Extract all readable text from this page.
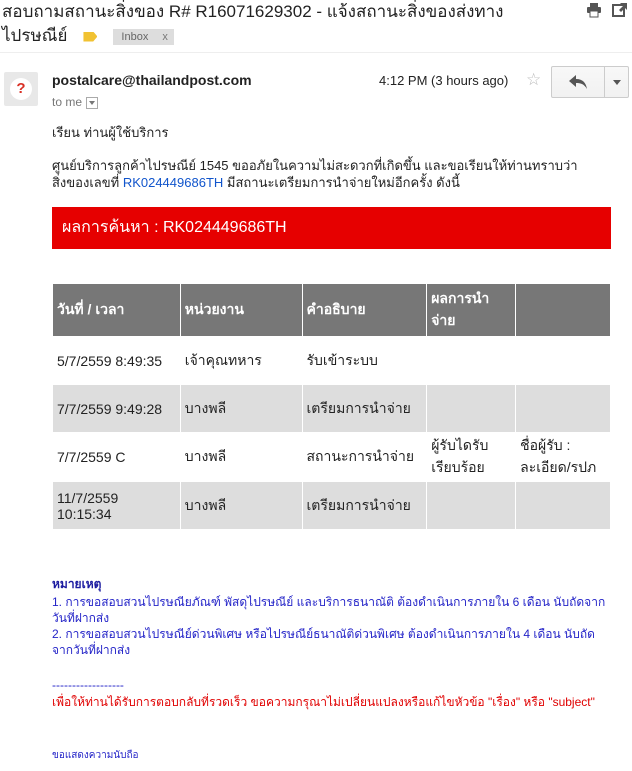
สอบถามสถานะสิ่งของ R# R16071629302 - แจ้งสถานะสิ่งของส่งทางไปรษณีย์	Inbox x
?	postalcare@thailandpost.com
to me
4:12 PM (3 hours ago) ☆
เรียน ท่านผู้ใช้บริการ
ศูนย์บริการลูกค้าไปรษณีย์ 1545 ขออภัยในความไม่สะดวกที่เกิดขึ้น และขอเรียนให้ท่านทราบว่า สิ่งของเลขที่ RK024449686TH มีสถานะเตรียมการนำจ่ายใหม่อีกครั้ง ดังนี้
ผลการค้นหา : RK024449686TH
วันที่ / เวลา	หน่วยงาน	คำอธิบาย	ผลการนำจ่าย	
5/7/2559 8:49:35	เจ้าคุณทหาร	รับเข้าระบบ		
7/7/2559 9:49:28	บางพลี	เตรียมการนำจ่าย		
7/7/2559 C	บางพลี	สถานะการนำจ่าย	ผู้รับไดรับเรียบร้อย	ชื่อผู้รับ : ละเอียด/รปภ
11/7/2559 10:15:34	บางพลี	เตรียมการนำจ่าย		
หมายเหตุ
1. การขอสอบสวนไปรษณียภัณฑ์ พัสดุไปรษณีย์ และบริการธนาณัติ ต้องดำเนินการภายใน 6 เดือน นับถัดจากวันที่ฝากส่ง
2. การขอสอบสวนไปรษณีย์ด่วนพิเศษ หรือไปรษณีย์ธนาณัติด่วนพิเศษ ต้องดำเนินการภายใน 4 เดือน นับถัดจากวันที่ฝากส่ง
------------------
เพื่อให้ท่านได้รับการตอบกลับที่รวดเร็ว ขอความกรุณาไม่เปลี่ยนแปลงหรือแก้ไขหัวข้อ "เรื่อง" หรือ "subject"
ขอแสดงความนับถือ
